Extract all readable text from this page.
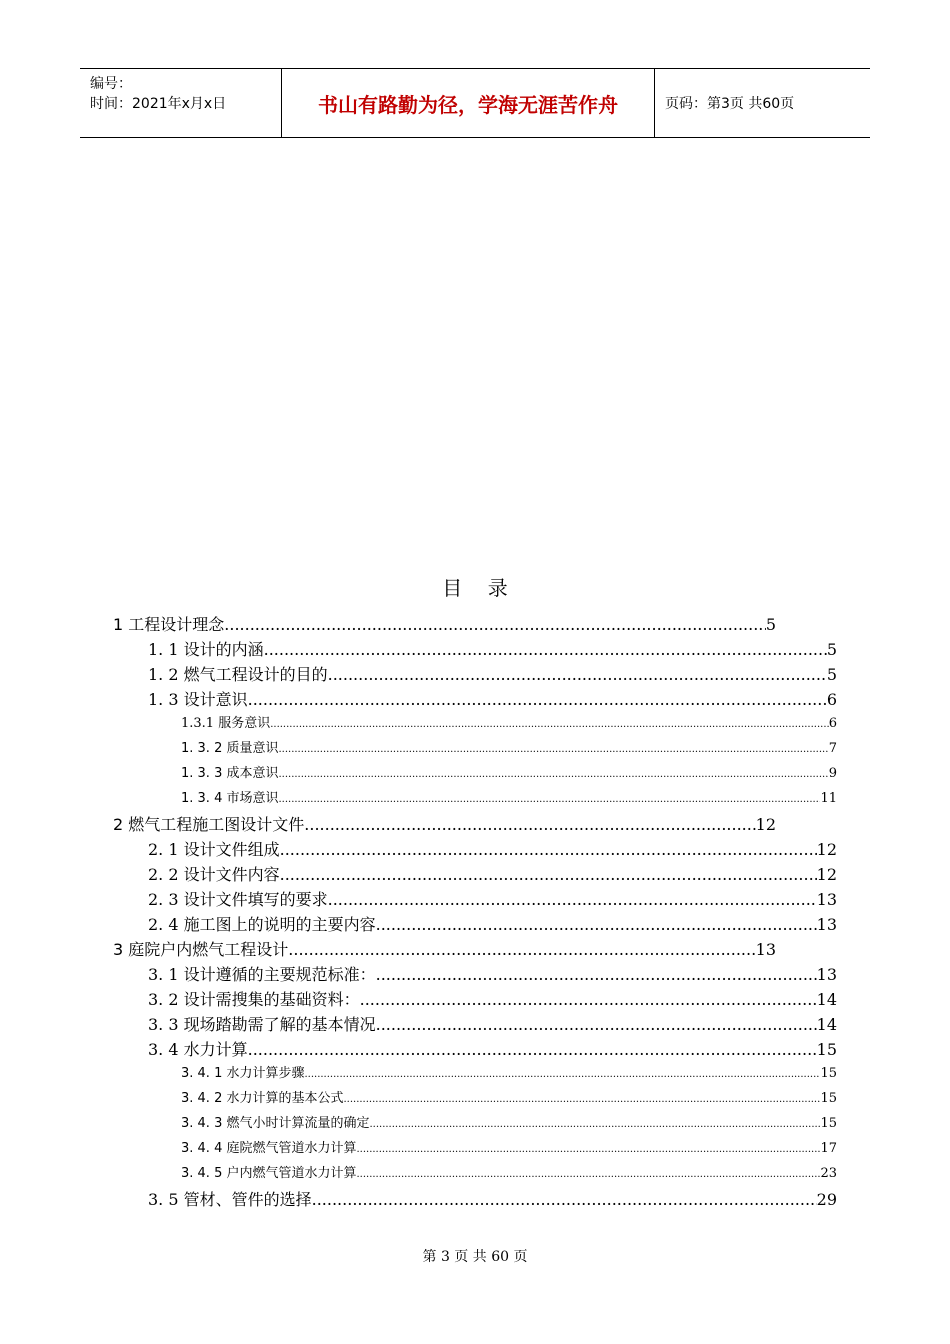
编号：
时间：2021年x月x日	书山有路勤为径，学海无涯苦作舟	页码：第3页 共60页
目    录
1 工程设计理念 .....	5
1. 1 设计的内涵 .....	5
1. 2 燃气工程设计的目的 .....	5
1. 3 设计意识 .....	6
1.3.1 服务意识 .....	6
1. 3. 2 质量意识 .....	7
1. 3. 3 成本意识 .....	9
1. 3. 4 市场意识 .....	11
2 燃气工程施工图设计文件 .....	12
2. 1 设计文件组成 .....	12
2. 2 设计文件内容 .....	12
2. 3 设计文件填写的要求 .....	13
2. 4 施工图上的说明的主要内容 .....	13
3 庭院户内燃气工程设计 .....	13
3. 1 设计遵循的主要规范标准： .....	13
3. 2 设计需搜集的基础资料： .....	14
3. 3 现场踏勘需了解的基本情况 .....	14
3. 4 水力计算 .....	15
3. 4. 1 水力计算步骤 .....	15
3. 4. 2 水力计算的基本公式 .....	15
3. 4. 3 燃气小时计算流量的确定 .....	15
3. 4. 4 庭院燃气管道水力计算 .....	17
3. 4. 5 户内燃气管道水力计算 .....	23
3. 5 管材、管件的选择 .....	29
第 3 页 共 60 页
